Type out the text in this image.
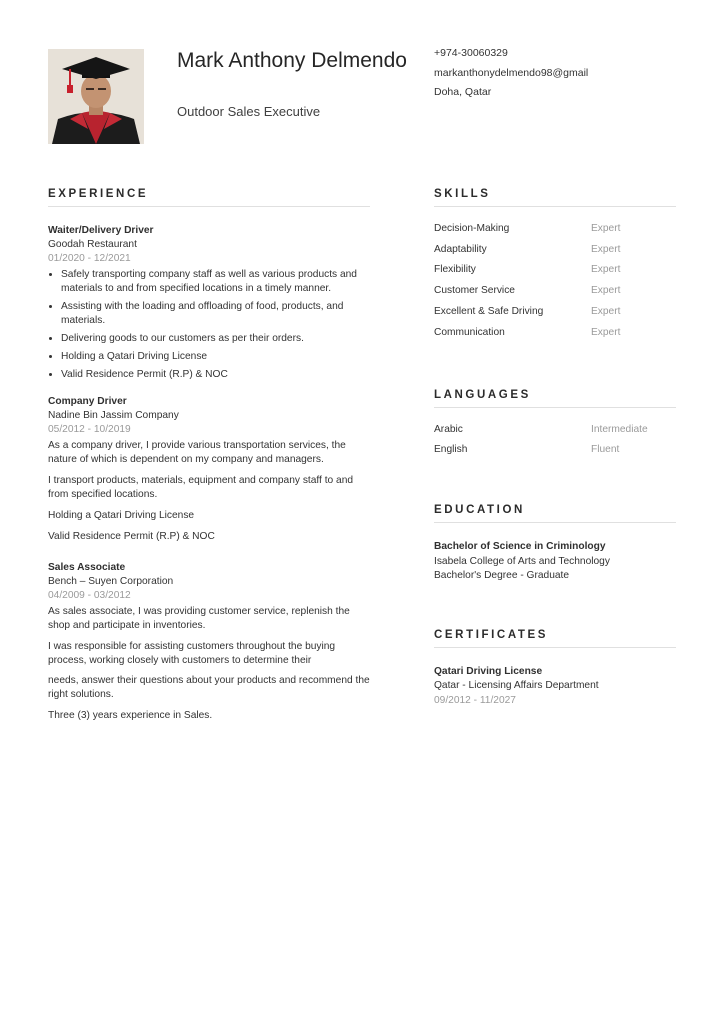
Mark Anthony Delmendo
Outdoor Sales Executive
+974-30060329
markanthonydelmendo98@gmail
Doha, Qatar
EXPERIENCE
Waiter/Delivery Driver
Goodah Restaurant
01/2020 - 12/2021
• Safely transporting company staff as well as various products and materials to and from specified locations in a timely manner.
• Assisting with the loading and offloading of food, products, and materials.
• Delivering goods to our customers as per their orders.
• Holding a Qatari Driving License
• Valid Residence Permit (R.P) & NOC
Company Driver
Nadine Bin Jassim Company
05/2012 - 10/2019

As a company driver, I provide various transportation services, the nature of which is dependent on my company and managers.

I transport products, materials, equipment and company staff to and from specified locations.

Holding a Qatari Driving License

Valid Residence Permit (R.P) & NOC

Sales Associate
Bench – Suyen Corporation
04/2009 - 03/2012

As sales associate, I was providing customer service, replenish the shop and participate in inventories.

I was responsible for assisting customers throughout the buying process, working closely with customers to determine their

needs, answer their questions about your products and recommend the right solutions.

Three (3) years experience in Sales.

SKILLS
Decision-Making	Expert
Adaptability	Expert
Flexibility	Expert
Customer Service	Expert
Excellent & Safe Driving	Expert
Communication	Expert
LANGUAGES
Arabic	Intermediate
English	Fluent
EDUCATION
Bachelor of Science in Criminology
Isabela College of Arts and Technology
Bachelor's Degree - Graduate
CERTIFICATES
Qatari Driving License
Qatar - Licensing Affairs Department
09/2012 - 11/2027
